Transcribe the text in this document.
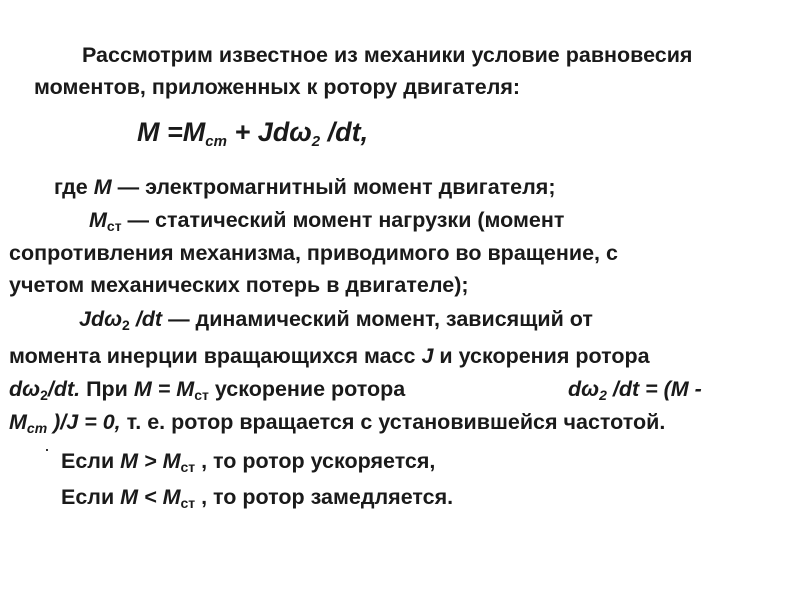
Рассмотрим известное из механики условие равновесия
моментов, приложенных к ротору двигателя:
M =Mст + Jdω2 /dt,
где M — электромагнитный момент двигателя;
$M_{ст}$ — статический момент нагрузки (момент
сопротивления механизма, приводимого во вращение, с
учетом механических потерь в двигателе);
Jdω$_2$ /dt — динамический момент, зависящий от
момента инерции вращающихся масс J и ускорения ротора
$d\omega_2/dt$. При $M = M_{ст}$ ускорение ротора	$d\omega_2$ /dt = (M -
$M_{ст}$ )/J = 0, т. е. ротор вращается с установившейся частотой.
Если $M > M_{ст}$ , то ротор ускоряется,
Если $M < M_{ст}$ , то ротор замедляется.
